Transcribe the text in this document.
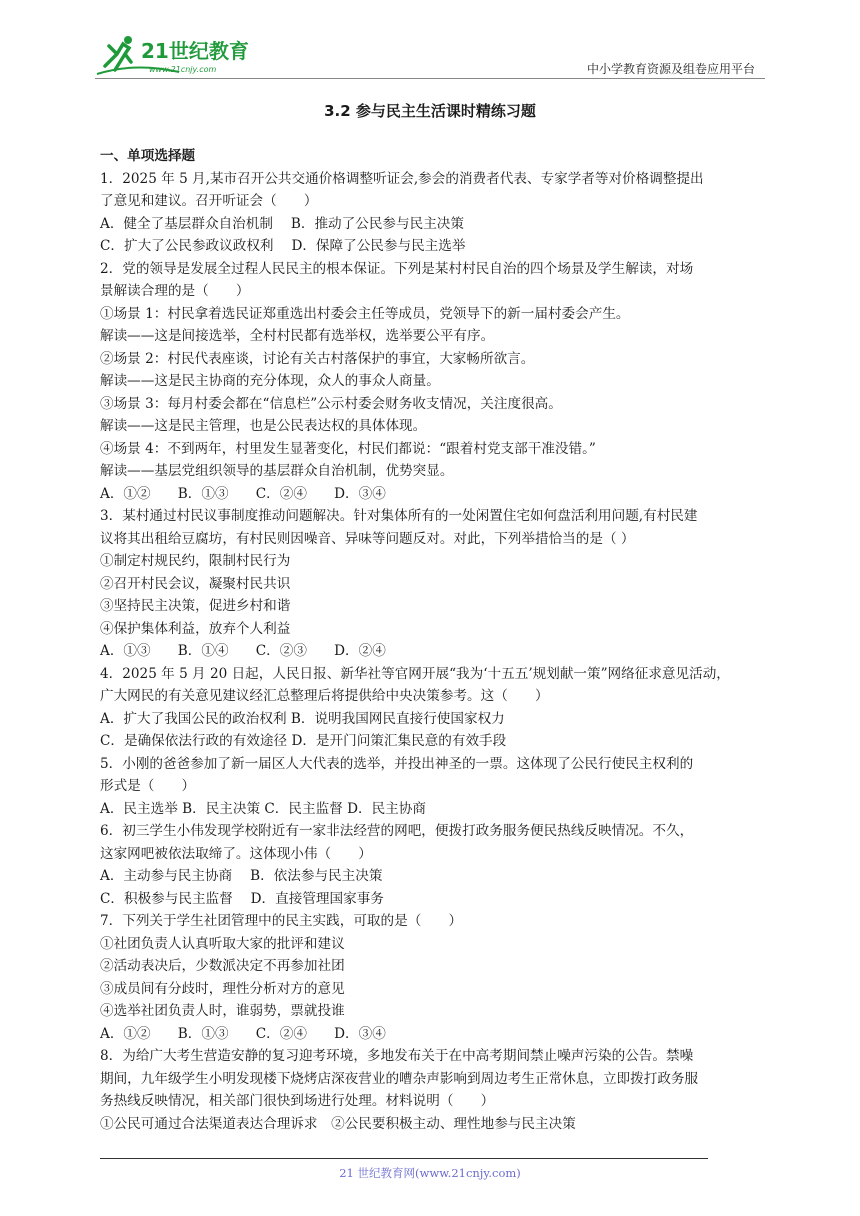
21世纪教育
www.21cnjy.com	中小学教育资源及组卷应用平台
3.2 参与民主生活课时精练习题
一、单项选择题
1．2025 年 5 月,某市召开公共交通价格调整听证会,参会的消费者代表、专家学者等对价格调整提出
了意见和建议。召开听证会（　　）
A．健全了基层群众自治机制　 B．推动了公民参与民主决策
C．扩大了公民参政议政权利　 D．保障了公民参与民主选举
2．党的领导是发展全过程人民民主的根本保证。下列是某村村民自治的四个场景及学生解读，对场
景解读合理的是（　　）
①场景 1：村民拿着选民证郑重选出村委会主任等成员，党领导下的新一届村委会产生。
解读——这是间接选举，全村村民都有选举权，选举要公平有序。
②场景 2：村民代表座谈，讨论有关古村落保护的事宜，大家畅所欲言。
解读——这是民主协商的充分体现，众人的事众人商量。
③场景 3：每月村委会都在“信息栏”公示村委会财务收支情况，关注度很高。
解读——这是民主管理，也是公民表达权的具体体现。
④场景 4：不到两年，村里发生显著变化，村民们都说：“跟着村党支部干准没错。”
解读——基层党组织领导的基层群众自治机制，优势突显。
A．①②　　B．①③　　C．②④　　D．③④
3．某村通过村民议事制度推动问题解决。针对集体所有的一处闲置住宅如何盘活利用问题,有村民建
议将其出租给豆腐坊，有村民则因噪音、异味等问题反对。对此，下列举措恰当的是（ ）
①制定村规民约，限制村民行为
②召开村民会议，凝聚村民共识
③坚持民主决策，促进乡村和谐
④保护集体利益，放弃个人利益
A．①③　　B．①④　　C．②③　　D．②④
4．2025 年 5 月 20 日起，人民日报、新华社等官网开展“我为‘十五五’规划献一策”网络征求意见活动，
广大网民的有关意见建议经汇总整理后将提供给中央决策参考。这（　　）
A．扩大了我国公民的政治权利 B．说明我国网民直接行使国家权力
C．是确保依法行政的有效途径 D．是开门问策汇集民意的有效手段
5．小刚的爸爸参加了新一届区人大代表的选举，并投出神圣的一票。这体现了公民行使民主权利的
形式是（　　）
A．民主选举 B．民主决策 C．民主监督 D．民主协商
6．初三学生小伟发现学校附近有一家非法经营的网吧，便拨打政务服务便民热线反映情况。不久，
这家网吧被依法取缔了。这体现小伟（　　）
A．主动参与民主协商　 B．依法参与民主决策
C．积极参与民主监督　 D．直接管理国家事务
7．下列关于学生社团管理中的民主实践，可取的是（　　）
①社团负责人认真听取大家的批评和建议
②活动表决后，少数派决定不再参加社团
③成员间有分歧时，理性分析对方的意见
④选举社团负责人时，谁弱势，票就投谁
A．①②　　B．①③　　C．②④　　D．③④
8．为给广大考生营造安静的复习迎考环境，多地发布关于在中高考期间禁止噪声污染的公告。禁噪
期间，九年级学生小明发现楼下烧烤店深夜营业的嘈杂声影响到周边考生正常休息，立即拨打政务服
务热线反映情况，相关部门很快到场进行处理。材料说明（　　）
①公民可通过合法渠道表达合理诉求　②公民要积极主动、理性地参与民主决策
21 世纪教育网(www.21cnjy.com)
